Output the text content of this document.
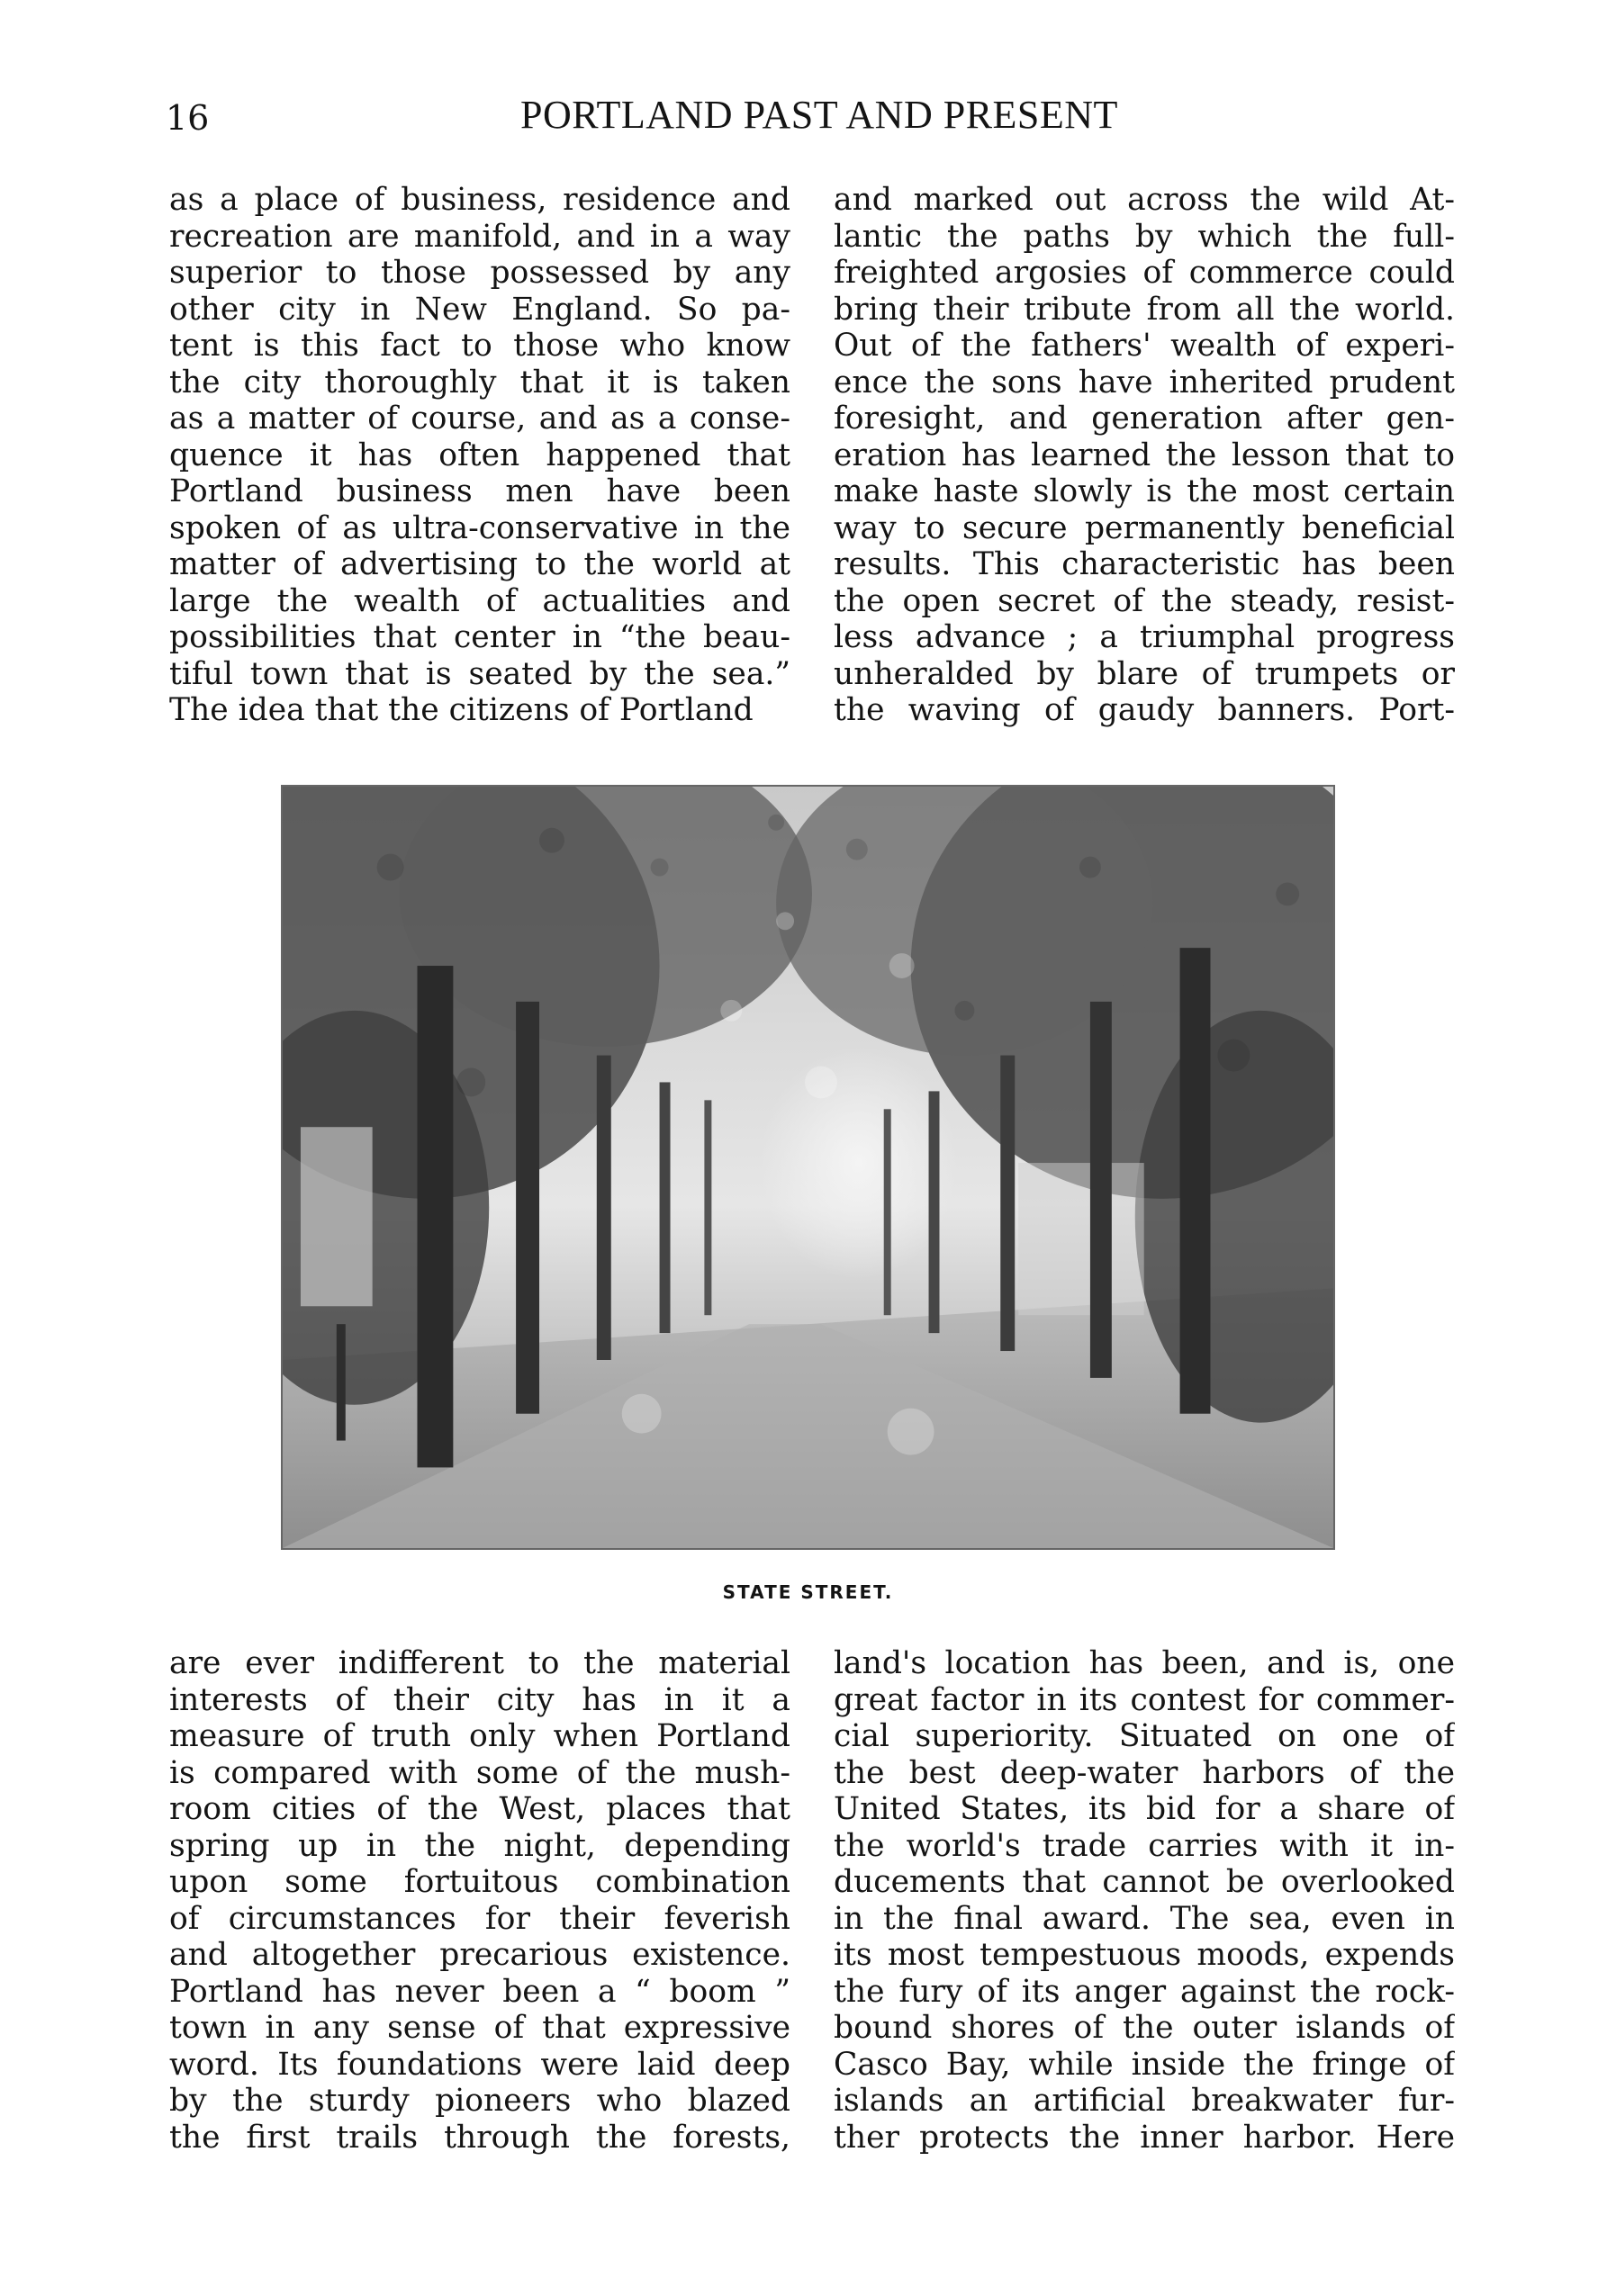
16	PORTLAND PAST AND PRESENT
as a place of business, residence and
recreation are manifold, and in a way
superior to those possessed by any
other city in New England. So pa-
tent is this fact to those who know
the city thoroughly that it is taken
as a matter of course, and as a conse-
quence it has often happened that
Portland business men have been
spoken of as ultra-conservative in the
matter of advertising to the world at
large the wealth of actualities and
possibilities that center in “the beau-
tiful town that is seated by the sea.”
The idea that the citizens of Portland
and marked out across the wild At-
lantic the paths by which the full-
freighted argosies of commerce could
bring their tribute from all the world.
Out of the fathers' wealth of experi-
ence the sons have inherited prudent
foresight, and generation after gen-
eration has learned the lesson that to
make haste slowly is the most certain
way to secure permanently beneficial
results. This characteristic has been
the open secret of the steady, resist-
less advance ; a triumphal progress
unheralded by blare of trumpets or
the waving of gaudy banners. Port-
STATE STREET.
are ever indifferent to the material
interests of their city has in it a
measure of truth only when Portland
is compared with some of the mush-
room cities of the West, places that
spring up in the night, depending
upon some fortuitous combination
of circumstances for their feverish
and altogether precarious existence.
Portland has never been a “ boom ”
town in any sense of that expressive
word. Its foundations were laid deep
by the sturdy pioneers who blazed
the first trails through the forests,
land's location has been, and is, one
great factor in its contest for commer-
cial superiority. Situated on one of
the best deep-water harbors of the
United States, its bid for a share of
the world's trade carries with it in-
ducements that cannot be overlooked
in the final award. The sea, even in
its most tempestuous moods, expends
the fury of its anger against the rock-
bound shores of the outer islands of
Casco Bay, while inside the fringe of
islands an artificial breakwater fur-
ther protects the inner harbor. Here
